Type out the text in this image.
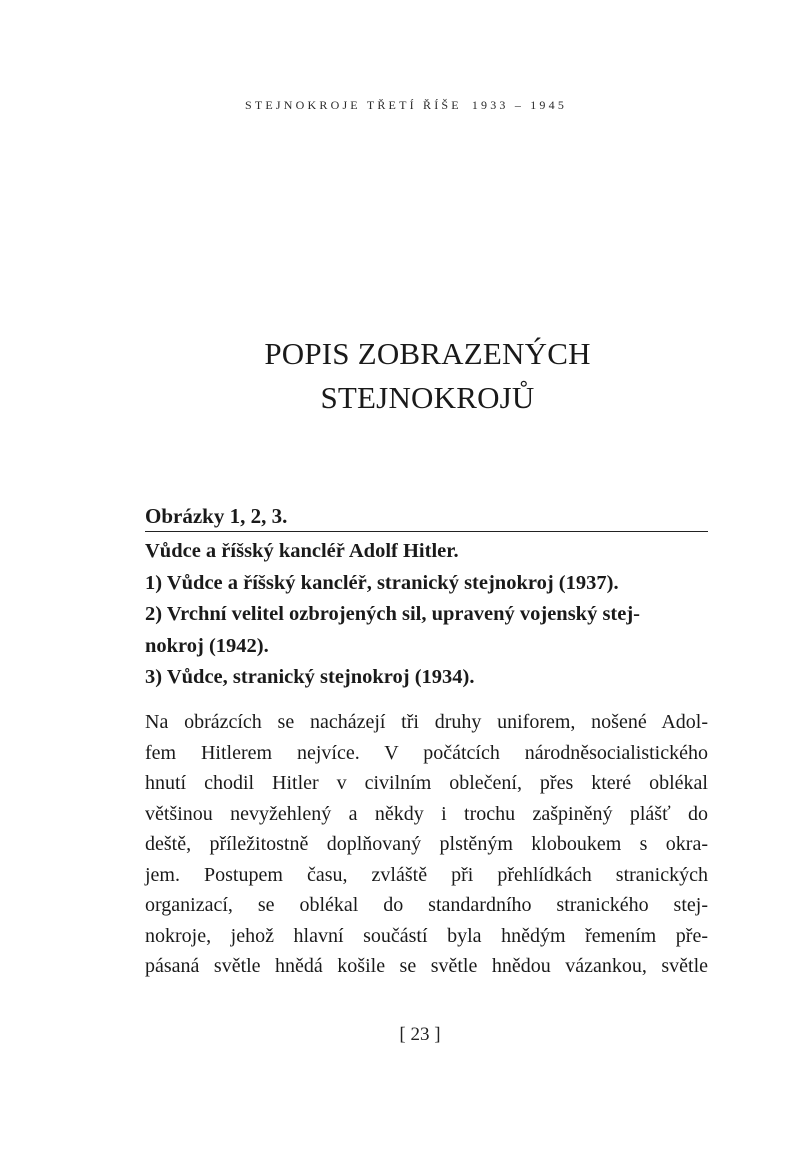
STEJNOKROJE TŘETÍ ŘÍŠE 1933 – 1945
POPIS ZOBRAZENÝCH
STEJNOKROJŮ
Obrázky 1, 2, 3.
Vůdce a říšský kancléř Adolf Hitler.
1) Vůdce a říšský kancléř, stranický stejnokroj (1937).
2) Vrchní velitel ozbrojených sil, upravený vojenský stej-
nokroj (1942).
3) Vůdce, stranický stejnokroj (1934).
Na obrázcích se nacházejí tři druhy uniforem, nošené Adol-
fem Hitlerem nejvíce. V počátcích národněsocialistického
hnutí chodil Hitler v civilním oblečení, přes které oblékal
většinou nevyžehlený a někdy i trochu zašpiněný plášť do
deště, příležitostně doplňovaný plstěným kloboukem s okra-
jem. Postupem času, zvláště při přehlídkách stranických
organizací, se oblékal do standardního stranického stej-
nokroje, jehož hlavní součástí byla hnědým řemením pře-
pásaná světle hnědá košile se světle hnědou vázankou, světle
[ 23 ]
